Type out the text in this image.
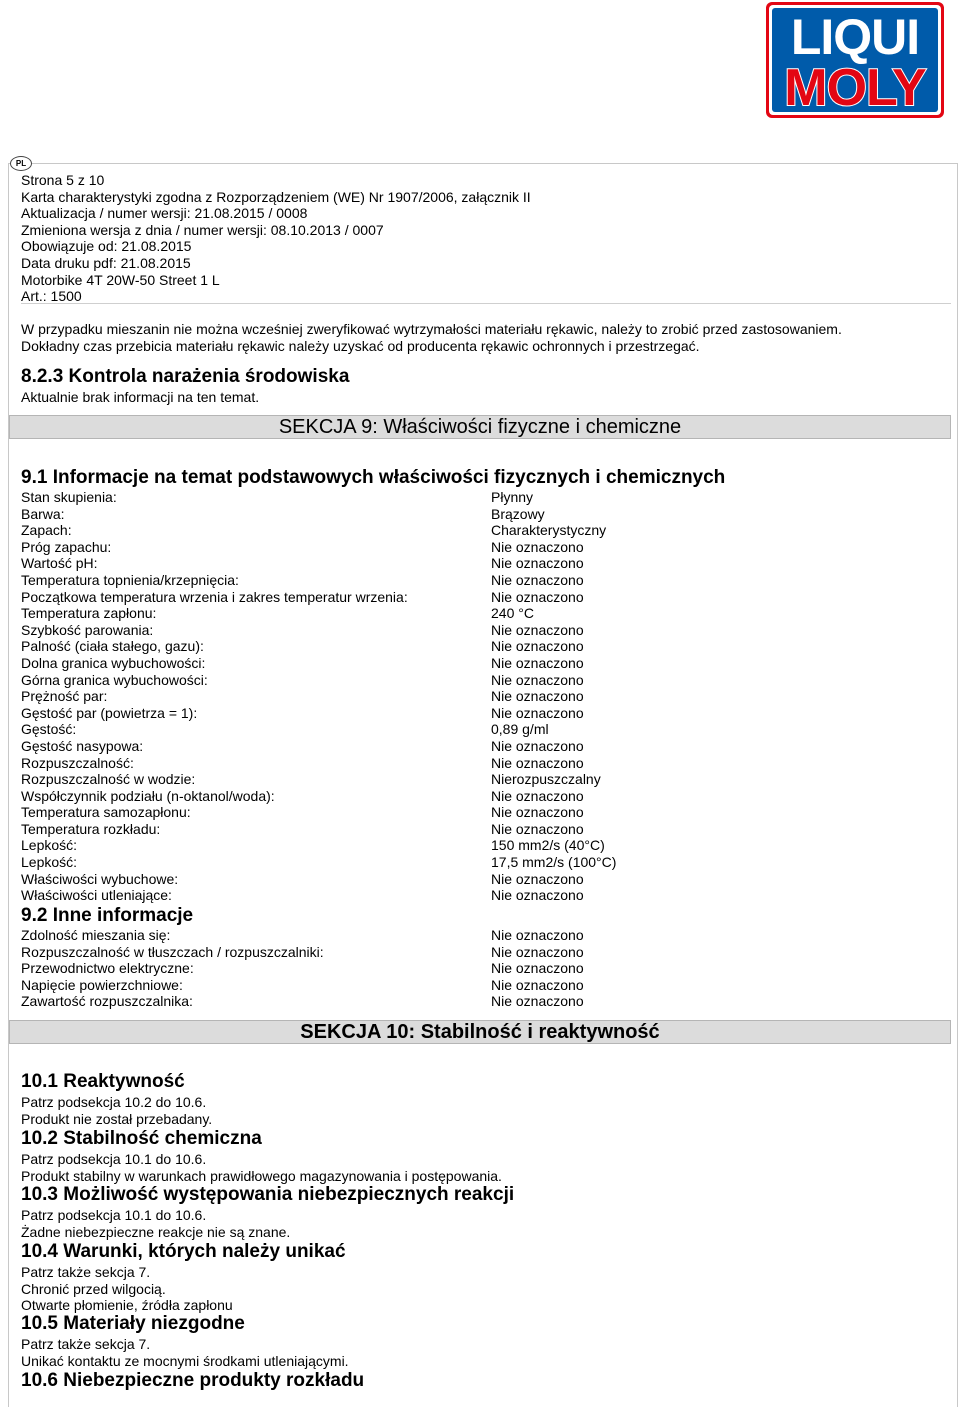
LIQUI
MOLY
PL
Strona 5 z 10
Karta charakterystyki zgodna z Rozporządzeniem (WE) Nr 1907/2006, załącznik II
Aktualizacja / numer wersji: 21.08.2015 / 0008
Zmieniona wersja z dnia / numer wersji: 08.10.2013 / 0007
Obowiązuje od: 21.08.2015
Data druku pdf: 21.08.2015
Motorbike 4T 20W-50 Street 1 L
Art.: 1500
W przypadku mieszanin nie można wcześniej zweryfikować wytrzymałości materiału rękawic, należy to zrobić przed zastosowaniem.
Dokładny czas przebicia materiału rękawic należy uzyskać od producenta rękawic ochronnych i przestrzegać.
8.2.3 Kontrola narażenia środowiska
Aktualnie brak informacji na ten temat.
SEKCJA 9: Właściwości fizyczne i chemiczne
9.1 Informacje na temat podstawowych właściwości fizycznych i chemicznych
Stan skupienia:	Płynny
Barwa:	Brązowy
Zapach:	Charakterystyczny
Próg zapachu:	Nie oznaczono
Wartość pH:	Nie oznaczono
Temperatura topnienia/krzepnięcia:	Nie oznaczono
Początkowa temperatura wrzenia i zakres temperatur wrzenia:	Nie oznaczono
Temperatura zapłonu:	240 °C
Szybkość parowania:	Nie oznaczono
Palność (ciała stałego, gazu):	Nie oznaczono
Dolna granica wybuchowości:	Nie oznaczono
Górna granica wybuchowości:	Nie oznaczono
Prężność par:	Nie oznaczono
Gęstość par (powietrza = 1):	Nie oznaczono
Gęstość:	0,89 g/ml
Gęstość nasypowa:	Nie oznaczono
Rozpuszczalność:	Nie oznaczono
Rozpuszczalność w wodzie:	Nierozpuszczalny
Współczynnik podziału (n-oktanol/woda):	Nie oznaczono
Temperatura samozapłonu:	Nie oznaczono
Temperatura rozkładu:	Nie oznaczono
Lepkość:	150 mm2/s (40°C)
Lepkość:	17,5 mm2/s (100°C)
Właściwości wybuchowe:	Nie oznaczono
Właściwości utleniające:	Nie oznaczono
9.2 Inne informacje
Zdolność mieszania się:	Nie oznaczono
Rozpuszczalność w tłuszczach / rozpuszczalniki:	Nie oznaczono
Przewodnictwo elektryczne:	Nie oznaczono
Napięcie powierzchniowe:	Nie oznaczono
Zawartość rozpuszczalnika:	Nie oznaczono
SEKCJA 10: Stabilność i reaktywność
10.1 Reaktywność
Patrz podsekcja 10.2 do 10.6.
Produkt nie został przebadany.
10.2 Stabilność chemiczna
Patrz podsekcja 10.1 do 10.6.
Produkt stabilny w warunkach prawidłowego magazynowania i postępowania.
10.3 Możliwość występowania niebezpiecznych reakcji
Patrz podsekcja 10.1 do 10.6.
Żadne niebezpieczne reakcje nie są znane.
10.4 Warunki, których należy unikać
Patrz także sekcja 7.
Chronić przed wilgocią.
Otwarte płomienie, źródła zapłonu
10.5 Materiały niezgodne
Patrz także sekcja 7.
Unikać kontaktu ze mocnymi środkami utleniającymi.
10.6 Niebezpieczne produkty rozkładu
